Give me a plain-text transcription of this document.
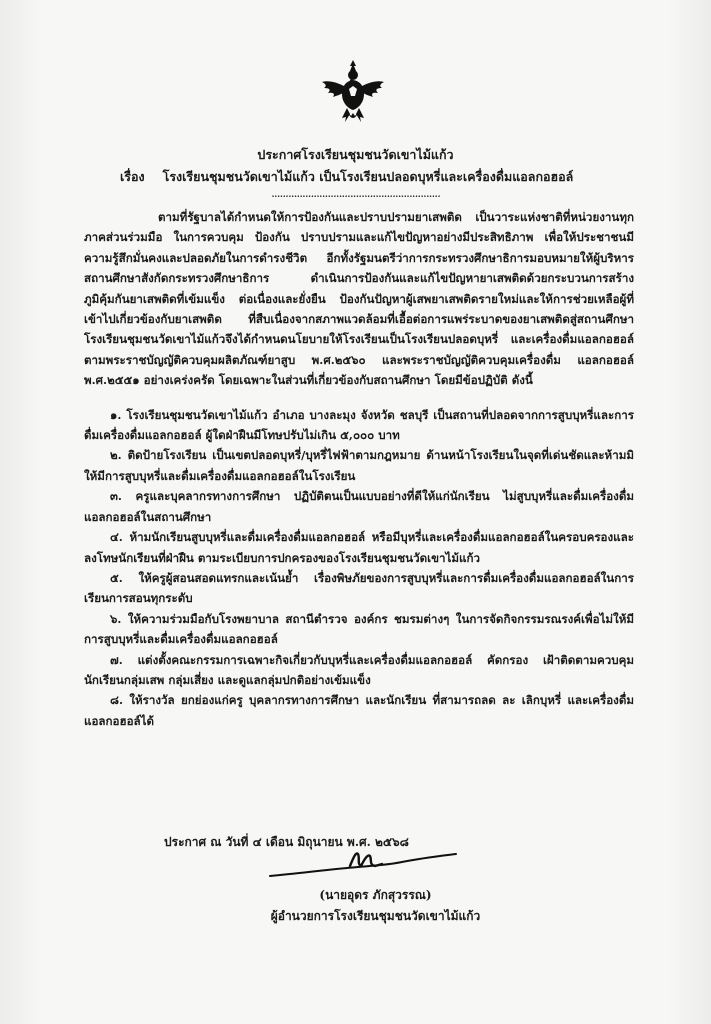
ประกาศโรงเรียนชุมชนวัดเขาไม้แก้ว
เรื่อง โรงเรียนชุมชนวัดเขาไม้แก้ว เป็นโรงเรียนปลอดบุหรี่และเครื่องดื่มแอลกอฮอล์
............................................................

ตามที่รัฐบาลได้กำหนดให้การป้องกันและปราบปรามยาเสพติด เป็นวาระแห่งชาติที่หน่วยงานทุกภาคส่วนร่วมมือ ในการควบคุม ป้องกัน ปราบปรามและแก้ไขปัญหาอย่างมีประสิทธิภาพ เพื่อให้ประชาชนมีความรู้สึกมั่นคงและปลอดภัยในการดำรงชีวิต อีกทั้งรัฐมนตรีว่าการกระทรวงศึกษาธิการมอบหมายให้ผู้บริหารสถานศึกษาสังกัดกระทรวงศึกษาธิการ ดำเนินการป้องกันและแก้ไขปัญหายาเสพติดด้วยกระบวนการสร้างภูมิคุ้มกันยาเสพติดที่เข้มแข็ง ต่อเนื่องและยั่งยืน ป้องกันปัญหาผู้เสพยาเสพติดรายใหม่และให้การช่วยเหลือผู้ที่เข้าไปเกี่ยวข้องกับยาเสพติด ที่สืบเนื่องจากสภาพแวดล้อมที่เอื้อต่อการแพร่ระบาดของยาเสพติดสู่สถานศึกษา โรงเรียนชุมชนวัดเขาไม้แก้วจึงได้กำหนดนโยบายให้โรงเรียนเป็นโรงเรียนปลอดบุหรี่ และเครื่องดื่มแอลกอฮอล์ ตามพระราชบัญญัติควบคุมผลิตภัณฑ์ยาสูบ พ.ศ.๒๕๖๐ และพระราชบัญญัติควบคุมเครื่องดื่ม แอลกอฮอล์ พ.ศ.๒๕๕๑ อย่างเคร่งครัด โดยเฉพาะในส่วนที่เกี่ยวข้องกับสถานศึกษา โดยมีข้อปฏิบัติ ดังนี้

๑. โรงเรียนชุมชนวัดเขาไม้แก้ว อำเภอ บางละมุง จังหวัด ชลบุรี เป็นสถานที่ปลอดจากการสูบบุหรี่และการดื่มเครื่องดื่มแอลกอฮอล์ ผู้ใดฝ่าฝืนมีโทษปรับไม่เกิน ๕,๐๐๐ บาท

๒. ติดป้ายโรงเรียน เป็นเขตปลอดบุหรี่/บุหรี่ไฟฟ้าตามกฎหมาย ด้านหน้าโรงเรียนในจุดที่เด่นชัดและห้ามมิให้มีการสูบบุหรี่และดื่มเครื่องดื่มแอลกอฮอล์ในโรงเรียน

๓. ครูและบุคลากรทางการศึกษา ปฏิบัติตนเป็นแบบอย่างที่ดีให้แก่นักเรียน ไม่สูบบุหรี่และดื่มเครื่องดื่มแอลกอฮอล์ในสถานศึกษา

๔. ห้ามนักเรียนสูบบุหรี่และดื่มเครื่องดื่มแอลกอฮอล์ หรือมีบุหรี่และเครื่องดื่มแอลกอฮอล์ในครอบครองและลงโทษนักเรียนที่ฝ่าฝืน ตามระเบียบการปกครองของโรงเรียนชุมชนวัดเขาไม้แก้ว

๕. ให้ครูผู้สอนสอดแทรกและเน้นย้ำ เรื่องพิษภัยของการสูบบุหรี่และการดื่มเครื่องดื่มแอลกอฮอล์ในการเรียนการสอนทุกระดับ

๖. ให้ความร่วมมือกับโรงพยาบาล สถานีตำรวจ องค์กร ชมรมต่างๆ ในการจัดกิจกรรมรณรงค์เพื่อไม่ให้มีการสูบบุหรี่และดื่มเครื่องดื่มแอลกอฮอล์

๗. แต่งตั้งคณะกรรมการเฉพาะกิจเกี่ยวกับบุหรี่และเครื่องดื่มแอลกอฮอล์ คัดกรอง เฝ้าติดตามควบคุมนักเรียนกลุ่มเสพ กลุ่มเสี่ยง และดูแลกลุ่มปกติอย่างเข้มแข็ง

๘. ให้รางวัล ยกย่องแก่ครู บุคลากรทางการศึกษา และนักเรียน ที่สามารถลด ละ เลิกบุหรี่ และเครื่องดื่มแอลกอฮอล์ได้

ประกาศ ณ วันที่ ๔ เดือน มิถุนายน พ.ศ. ๒๕๖๘
(นายอุดร ภักสุวรรณ)
ผู้อำนวยการโรงเรียนชุมชนวัดเขาไม้แก้ว
